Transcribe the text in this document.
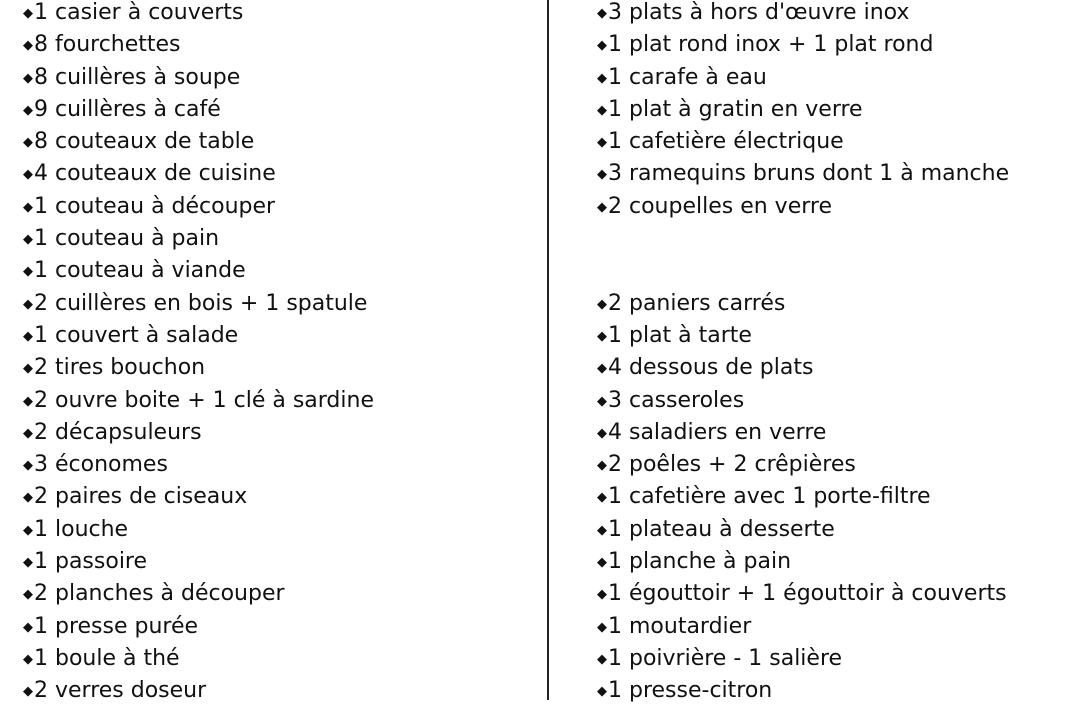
◆1 casier à couverts
◆8 fourchettes
◆8 cuillères à soupe
◆9 cuillères à café
◆8 couteaux de table
◆4 couteaux de cuisine
◆1 couteau à découper
◆1 couteau à pain
◆1 couteau à viande
◆2 cuillères en bois + 1 spatule
◆1 couvert à salade
◆2 tires bouchon
◆2 ouvre boite + 1 clé à sardine
◆2 décapsuleurs
◆3 économes
◆2 paires de ciseaux
◆1 louche
◆1 passoire
◆2 planches à découper
◆1 presse purée
◆1 boule à thé
◆2 verres doseur
◆3 plats à hors d'œuvre inox
◆1 plat rond inox + 1 plat rond
◆1 carafe à eau
◆1 plat à gratin en verre
◆1 cafetière électrique
◆3 ramequins bruns dont 1 à manche
◆2 coupelles en verre
◆2 paniers carrés
◆1 plat à tarte
◆4 dessous de plats
◆3 casseroles
◆4 saladiers en verre
◆2 poêles + 2 crêpières
◆1 cafetière avec 1 porte-filtre
◆1 plateau à desserte
◆1 planche à pain
◆1 égouttoir + 1 égouttoir à couverts
◆1 moutardier
◆1 poivrière - 1 salière
◆1 presse-citron
